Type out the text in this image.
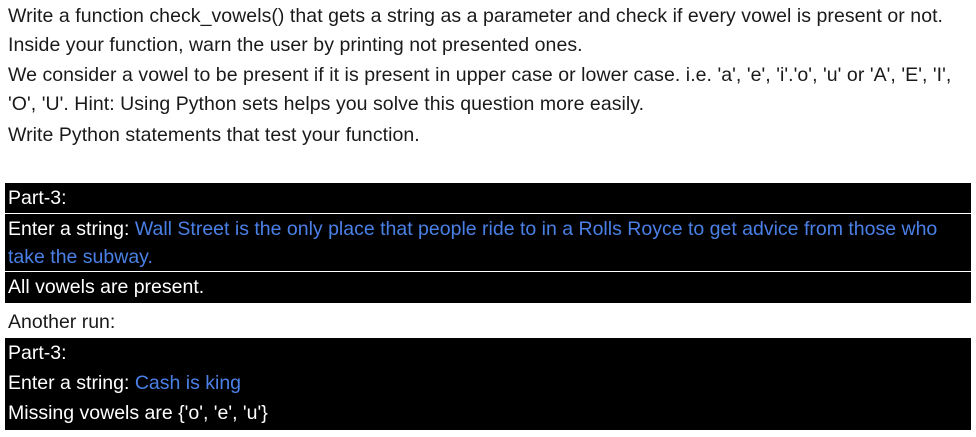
Write a function check_vowels() that gets a string as a parameter and check if every vowel is present or not. Inside your function, warn the user by printing not presented ones.

We consider a vowel to be present if it is present in upper case or lower case. i.e. 'a', 'e', 'i'.'o', 'u' or 'A', 'E', 'I', 'O', 'U'. Hint: Using Python sets helps you solve this question more easily.

Write Python statements that test your function.

Part-3:
Enter a string: Wall Street is the only place that people ride to in a Rolls Royce to get advice from those who take the subway.
All vowels are present.
Another run:
Part-3:
Enter a string: Cash is king
Missing vowels are {'o', 'e', 'u'}
